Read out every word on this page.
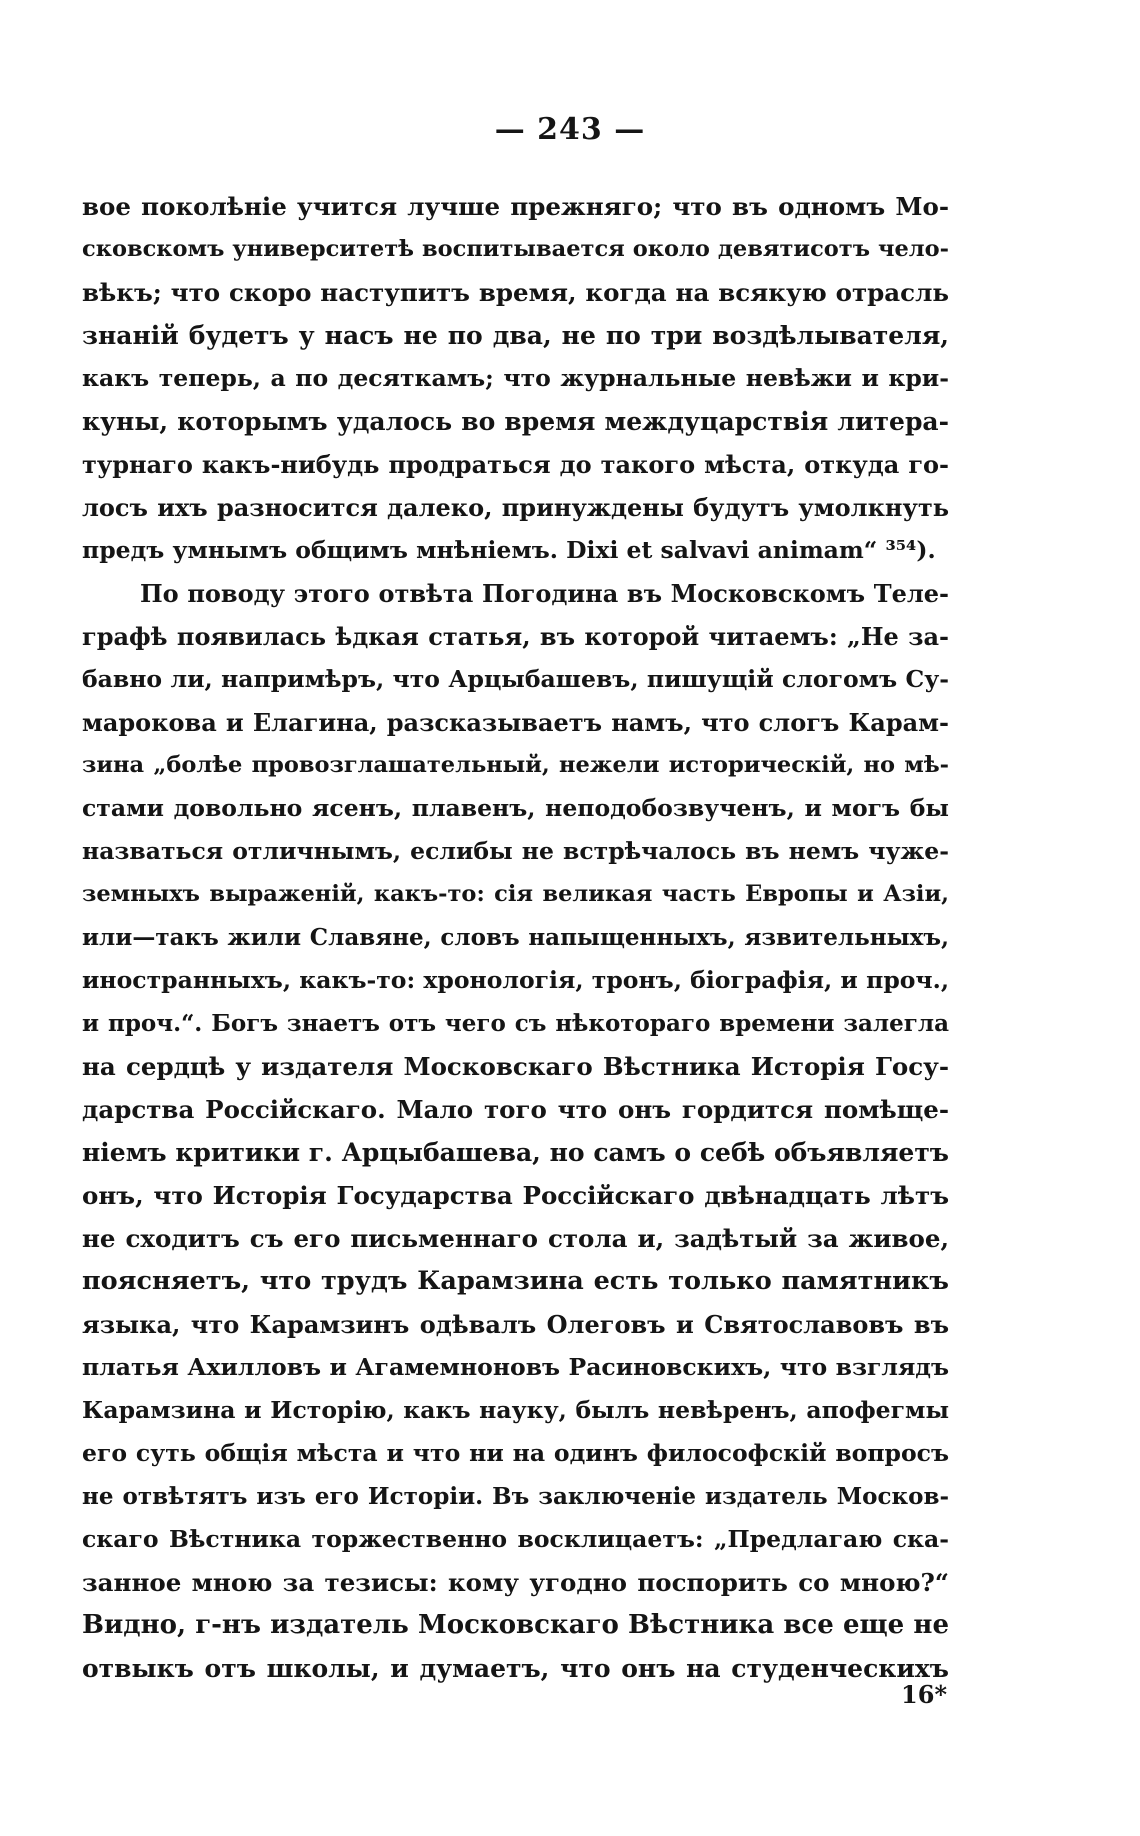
— 243 —
вое поколѣніе учится лучше прежняго; что въ одномъ Мо-
сковскомъ университетѣ воспитывается около девятисотъ чело-
вѣкъ; что скоро наступитъ время, когда на всякую отрасль
знаній будетъ у насъ не по два, не по три воздѣлывателя,
какъ теперь, а по десяткамъ; что журнальные невѣжи и кри-
куны, которымъ удалось во время междуцарствія литера-
турнаго какъ-нибудь продраться до такого мѣста, откуда го-
лосъ ихъ разносится далеко, принуждены будутъ умолкнуть
предъ умнымъ общимъ мнѣніемъ. Dixi et salvavi animam“ ³⁵⁴).
По поводу этого отвѣта Погодина въ Московскомъ Теле-
графѣ появилась ѣдкая статья, въ которой читаемъ: „Не за-
бавно ли, напримѣръ, что Арцыбашевъ, пишущій слогомъ Су-
марокова и Елагина, разсказываетъ намъ, что слогъ Карам-
зина „болѣе провозглашательный, нежели историческій, но мѣ-
стами довольно ясенъ, плавенъ, неподобозвученъ, и могъ бы
назваться отличнымъ, еслибы не встрѣчалось въ немъ чуже-
земныхъ выраженій, какъ-то: сія великая часть Европы и Азіи,
или—такъ жили Славяне, словъ напыщенныхъ, язвительныхъ,
иностранныхъ, какъ-то: хронологія, тронъ, біографія, и проч.,
и проч.“. Богъ знаетъ отъ чего съ нѣкотораго времени залегла
на сердцѣ у издателя Московскаго Вѣстника Исторія Госу-
дарства Россійскаго. Мало того что онъ гордится помѣще-
ніемъ критики г. Арцыбашева, но самъ о себѣ объявляетъ
онъ, что Исторія Государства Россійскаго двѣнадцать лѣтъ
не сходитъ съ его письменнаго стола и, задѣтый за живое,
поясняетъ, что трудъ Карамзина есть только памятникъ
языка, что Карамзинъ одѣвалъ Олеговъ и Святославовъ въ
платья Ахилловъ и Агамемноновъ Расиновскихъ, что взглядъ
Карамзина и Исторію, какъ науку, былъ невѣренъ, апофегмы
его суть общія мѣста и что ни на одинъ философскій вопросъ
не отвѣтятъ изъ его Исторіи. Въ заключеніе издатель Москов-
скаго Вѣстника торжественно восклицаетъ: „Предлагаю ска-
занное мною за тезисы: кому угодно поспорить со мною?“
Видно, г-нъ издатель Московскаго Вѣстника все еще не
отвыкъ отъ школы, и думаетъ, что онъ на студенческихъ
16*
